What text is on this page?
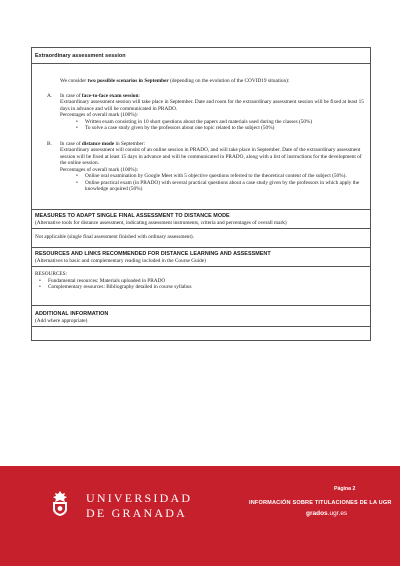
Extraordinary assessment session

We consider two possible scenarios in September (depending on the evolution of the COVID19 situation):

A. In case of face-to-face exam session:

Extraordinary assessment session will take place in September. Date and room for the extraordinary assessment session will be fixed at least 15 days in advance and will be communicated in PRADO.

Percentages of overall mark (100%):

• Written exam consisting in 10 short questions about the papers and materials used during the classes (50%)
• To solve a case study given by the professors about one topic related to the subject (50%)
B. In case of distance mode in September:

Extraordinary assessment will consist of an online session in PRADO, and will take place in September. Date of the extraordinary assessment session will be fixed at least 15 days in advance and will be communicated in PRADO, along with a list of instructions for the development of the online session.

Percentages of overall mark (100%):

• Online oral examination by Google Meet with 5 objective questions referred to the theoretical content of the subject (50%).
• Online practical exam (in PRADO) with several practical questions about a case study given by the professors in which apply the knowledge acquired (50%)
MEASURES TO ADAPT SINGLE FINAL ASSESSMENT TO DISTANCE MODE
(Alternative tools for distance assessment, indicating assessment instruments, criteria and percentages of overall mark)
Not applicable (single final assessment finished with ordinary assessment).
RESOURCES AND LINKS RECOMMENDED FOR DISTANCE LEARNING AND ASSESSMENT
(Alternatives to basic and complementary reading included in the Course Guide)

RESOURCES:

• Fundamental resources: Materials uploaded in PRADO
• Complementary resources: Bibliography detailed in course syllabus
ADDITIONAL INFORMATION
(Add where appropriate)
UNIVERSIDAD
DE GRANADA
Página 2
INFORMACIÓN SOBRE TITULACIONES DE LA UGR
grados.ugr.es
